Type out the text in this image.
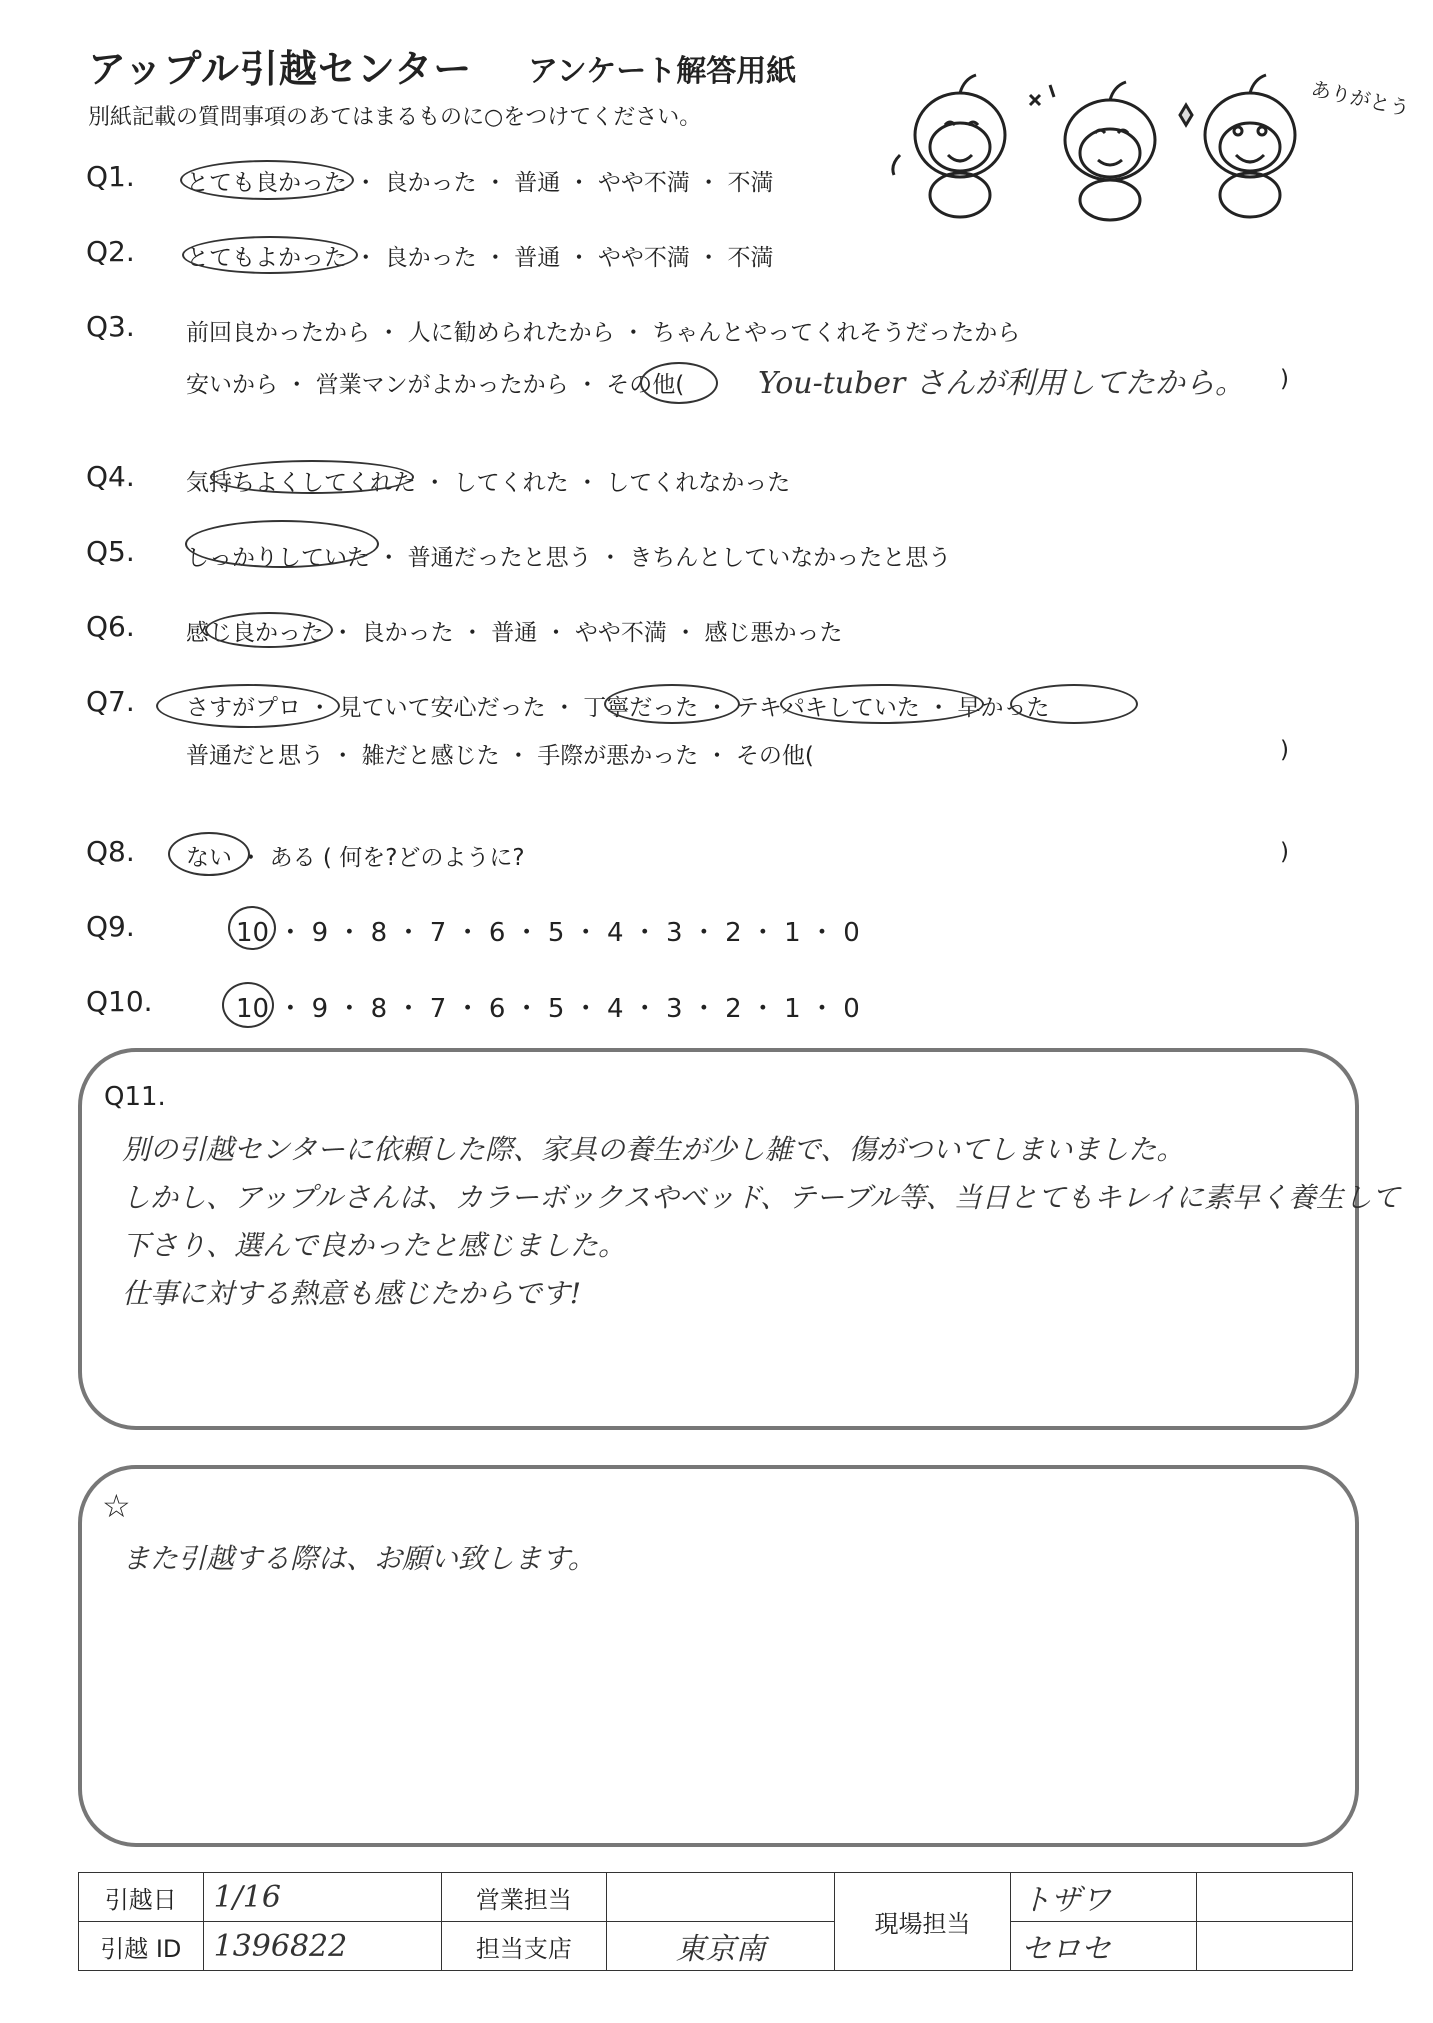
アップル引越センター アンケート解答用紙
別紙記載の質問事項のあてはまるものに○をつけてください。	ありがとう
Q1. とても良かった ・ 良かった ・ 普通 ・ やや不満 ・ 不満
Q2. とてもよかった ・ 良かった ・ 普通 ・ やや不満 ・ 不満
Q3. 前回良かったから ・ 人に勧められたから ・ ちゃんとやってくれそうだったから
安いから ・ 営業マンがよかったから ・ その他( You-tuber さんが利用してたから。 )
Q4. 気持ちよくしてくれた ・ してくれた ・ してくれなかった
Q5. しっかりしていた ・ 普通だったと思う ・ きちんとしていなかったと思う
Q6. 感じ良かった ・ 良かった ・ 普通 ・ やや不満 ・ 感じ悪かった
Q7. さすがプロ ・ 見ていて安心だった ・ 丁寧だった ・ テキパキしていた ・ 早かった
普通だと思う ・ 雑だと感じた ・ 手際が悪かった ・ その他(	)
Q8. ない ・ ある ( 何を?どのように?	)
Q9.	10 ・ 9 ・ 8 ・ 7 ・ 6 ・ 5 ・ 4 ・ 3 ・ 2 ・ 1 ・ 0
Q10.	10 ・ 9 ・ 8 ・ 7 ・ 6 ・ 5 ・ 4 ・ 3 ・ 2 ・ 1 ・ 0
Q11.
別の引越センターに依頼した際、家具の養生が少し雑で、傷がついてしまいました。
しかし、アップルさんは、カラーボックスやベッド、テーブル等、当日とてもキレイに素早く養生して
下さり、選んで良かったと感じました。
仕事に対する熱意も感じたからです!
☆
また引越する際は、お願い致します。
引越日	1/16	営業担当		現場担当	トザワ	
引越 ID	1396822	担当支店	東京南		セロセ	
